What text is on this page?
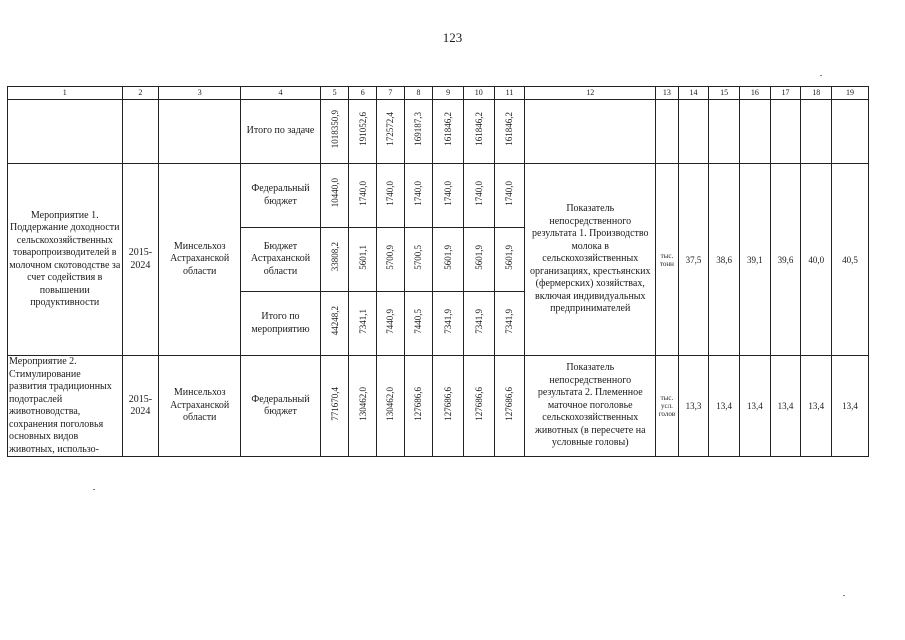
123
1	2	3	4	5	6	7	8	9	10	11	12	13	14	15	16	17	18	19
			Итого по задаче	1018350,9	191052,6	172572,4	169187,3	161846,2	161846,2	161846,2								
Мероприятие 1. Поддержание доходности сельскохозяйственных товаропроизводителей в молочном скотоводстве за счет содействия в повышении продуктивности	2015-2024	Минсельхоз Астраханской области	Федеральный бюджет	10440,0	1740,0	1740,0	1740,0	1740,0	1740,0	1740,0	Показатель непосредственного результата 1. Производство молока в сельскохозяйственных организациях, крестьянских (фермерских) хозяйствах, включая индивидуальных предпринимателей	тыс. тонн	37,5	38,6	39,1	39,6	40,0	40,5
			Бюджет Астраханской области	33808,2	5601,1	5700,9	5700,5	5601,9	5601,9	5601,9								
			Итого по мероприятию	44248,2	7341,1	7440,9	7440,5	7341,9	7341,9	7341,9								
Мероприятие 2. Стимулирование развития традиционных подотраслей животноводства, сохранения поголовья основных видов животных, использо-	2015-2024	Минсельхоз Астраханской области	Федеральный бюджет	771670,4	130462,0	130462,0	127686,6	127686,6	127686,6	127686,6	Показатель непосредственного результата 2. Племенное маточное поголовье сельскохозяйственных животных (в пересчете на условные головы)	тыс. усл. голов	13,3	13,4	13,4	13,4	13,4	13,4
